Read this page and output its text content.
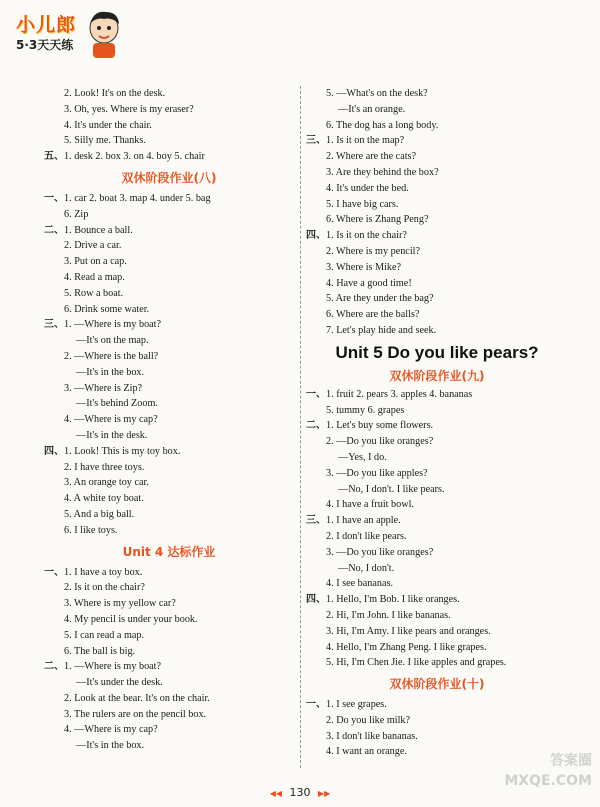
小儿郎
5·3天天练
2. Look! It's on the desk.
3. Oh, yes. Where is my eraser?
4. It's under the chair.
5. Silly me. Thanks.
五、1. desk 2. box 3. on 4. boy 5. chair
双休阶段作业(八)
一、1. car 2. boat 3. map 4. under 5. bag
6. Zip
二、1. Bounce a ball.
2. Drive a car.
3. Put on a cap.
4. Read a map.
5. Row a boat.
6. Drink some water.
三、1. —Where is my boat?
—It's on the map.
2. —Where is the ball?
—It's in the box.
3. —Where is Zip?
—It's behind Zoom.
4. —Where is my cap?
—It's in the desk.
四、1. Look! This is my toy box.
2. I have three toys.
3. An orange toy car.
4. A white toy boat.
5. And a big ball.
6. I like toys.
Unit 4 达标作业
一、1. I have a toy box.
2. Is it on the chair?
3. Where is my yellow car?
4. My pencil is under your book.
5. I can read a map.
6. The ball is big.
二、1. —Where is my boat?
—It's under the desk.
2. Look at the bear. It's on the chair.
3. The rulers are on the pencil box.
4. —Where is my cap?
—It's in the box.
5. —What's on the desk?
—It's an orange.
6. The dog has a long body.
三、1. Is it on the map?
2. Where are the cats?
3. Are they behind the box?
4. It's under the bed.
5. I have big cars.
6. Where is Zhang Peng?
四、1. Is it on the chair?
2. Where is my pencil?
3. Where is Mike?
4. Have a good time!
5. Are they under the bag?
6. Where are the balls?
7. Let's play hide and seek.
Unit 5 Do you like pears?
双休阶段作业(九)
一、1. fruit 2. pears 3. apples 4. bananas
5. tummy 6. grapes
二、1. Let's buy some flowers.
2. —Do you like oranges?
—Yes, I do.
3. —Do you like apples?
—No, I don't. I like pears.
4. I have a fruit bowl.
三、1. I have an apple.
2. I don't like pears.
3. —Do you like oranges?
—No, I don't.
4. I see bananas.
四、1. Hello, I'm Bob. I like oranges.
2. Hi, I'm John. I like bananas.
3. Hi, I'm Amy. I like pears and oranges.
4. Hello, I'm Zhang Peng. I like grapes.
5. Hi, I'm Chen Jie. I like apples and grapes.
双休阶段作业(十)
一、1. I see grapes.
2. Do you like milk?
3. I don't like bananas.
4. I want an orange.
◀◀ 130 ▶▶
答案圈 MXQE.COM
